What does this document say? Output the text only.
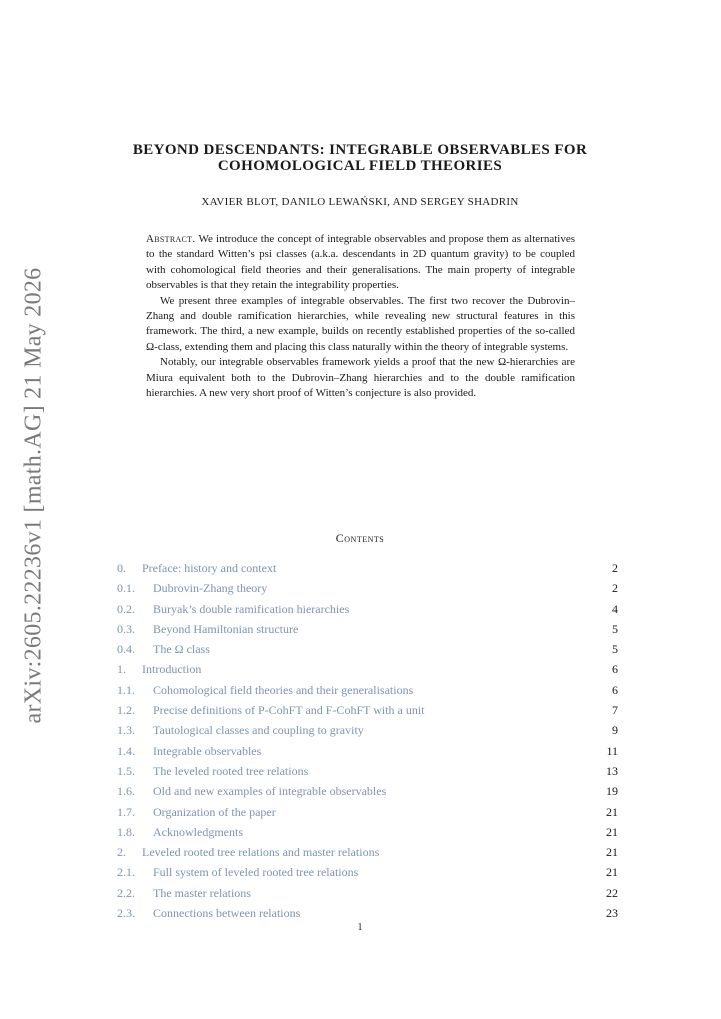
arXiv:2605.22236v1 [math.AG] 21 May 2026
BEYOND DESCENDANTS: INTEGRABLE OBSERVABLES FOR
COHOMOLOGICAL FIELD THEORIES
XAVIER BLOT, DANILO LEWAŃSKI, AND SERGEY SHADRIN

Abstract. We introduce the concept of integrable observables and propose them as alternatives to the standard Witten’s psi classes (a.k.a. descendants in 2D quantum gravity) to be coupled with cohomological field theories and their generalisations. The main property of integrable observables is that they retain the integrability properties.

We present three examples of integrable observables. The first two recover the Dubrovin–Zhang and double ramification hierarchies, while revealing new structural features in this framework. The third, a new example, builds on recently established properties of the so-called Ω-class, extending them and placing this class naturally within the theory of integrable systems.

Notably, our integrable observables framework yields a proof that the new Ω-hierarchies are Miura equivalent both to the Dubrovin–Zhang hierarchies and to the double ramification hierarchies. A new very short proof of Witten’s conjecture is also provided.

Contents
0.	Preface: history and context	2
0.1.	Dubrovin-Zhang theory	2
0.2.	Buryak’s double ramification hierarchies	4
0.3.	Beyond Hamiltonian structure	5
0.4.	The Ω class	5
1.	Introduction	6
1.1.	Cohomological field theories and their generalisations	6
1.2.	Precise definitions of P-CohFT and F-CohFT with a unit	7
1.3.	Tautological classes and coupling to gravity	9
1.4.	Integrable observables	11
1.5.	The leveled rooted tree relations	13
1.6.	Old and new examples of integrable observables	19
1.7.	Organization of the paper	21
1.8.	Acknowledgments	21
2.	Leveled rooted tree relations and master relations	21
2.1.	Full system of leveled rooted tree relations	21
2.2.	The master relations	22
2.3.	Connections between relations	23
1
